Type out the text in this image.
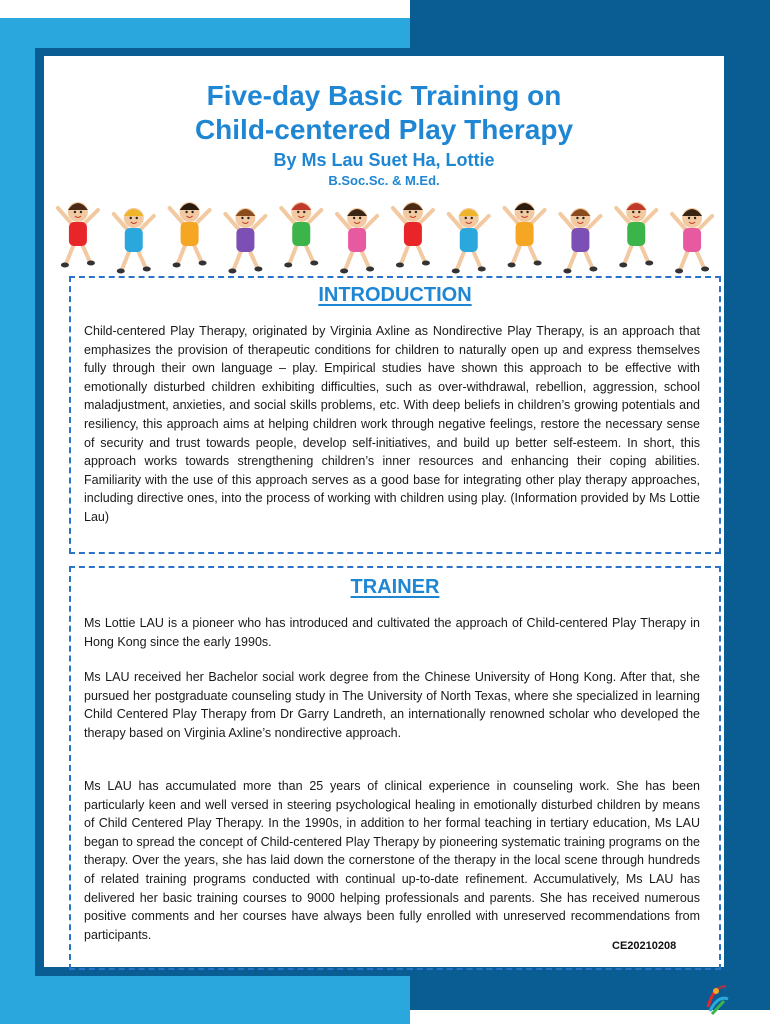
Five-day Basic Training on
Child-centered Play Therapy
By Ms Lau Suet Ha, Lottie
B.Soc.Sc. & M.Ed.
INTRODUCTION

Child-centered Play Therapy, originated by Virginia Axline as Nondirective Play Therapy, is an approach that emphasizes the provision of therapeutic conditions for children to naturally open up and express themselves fully through their own language – play. Empirical studies have shown this approach to be effective with emotionally disturbed children exhibiting difficulties, such as over-withdrawal, rebellion, aggression, school maladjustment, anxieties, and social skills problems, etc. With deep beliefs in children’s growing potentials and resiliency, this approach aims at helping children work through negative feelings, restore the necessary sense of security and trust towards people, develop self-initiatives, and build up better self-esteem. In short, this approach works towards strengthening children’s inner resources and enhancing their coping abilities. Familiarity with the use of this approach serves as a good base for integrating other play therapy approaches, including directive ones, into the process of working with children using play. (Information provided by Ms Lottie Lau)

TRAINER

Ms Lottie LAU is a pioneer who has introduced and cultivated the approach of Child-centered Play Therapy in Hong Kong since the early 1990s.

Ms LAU received her Bachelor social work degree from the Chinese University of Hong Kong. After that, she pursued her postgraduate counseling study in The University of North Texas, where she specialized in learning Child Centered Play Therapy from Dr Garry Landreth, an internationally renowned scholar who developed the therapy based on Virginia Axline’s nondirective approach.

Ms LAU has accumulated more than 25 years of clinical experience in counseling work. She has been particularly keen and well versed in steering psychological healing in emotionally disturbed children by means of Child Centered Play Therapy. In the 1990s, in addition to her formal teaching in tertiary education, Ms LAU began to spread the concept of Child-centered Play Therapy by pioneering systematic training programs on the therapy. Over the years, she has laid down the cornerstone of the therapy in the local scene through hundreds of related training programs conducted with continual up-to-date refinement. Accumulatively, Ms LAU has delivered her basic training courses to 9000 helping professionals and parents. She has received numerous positive comments and her courses have always been fully enrolled with unreserved recommendations from participants.

CE20210208
Social Work
